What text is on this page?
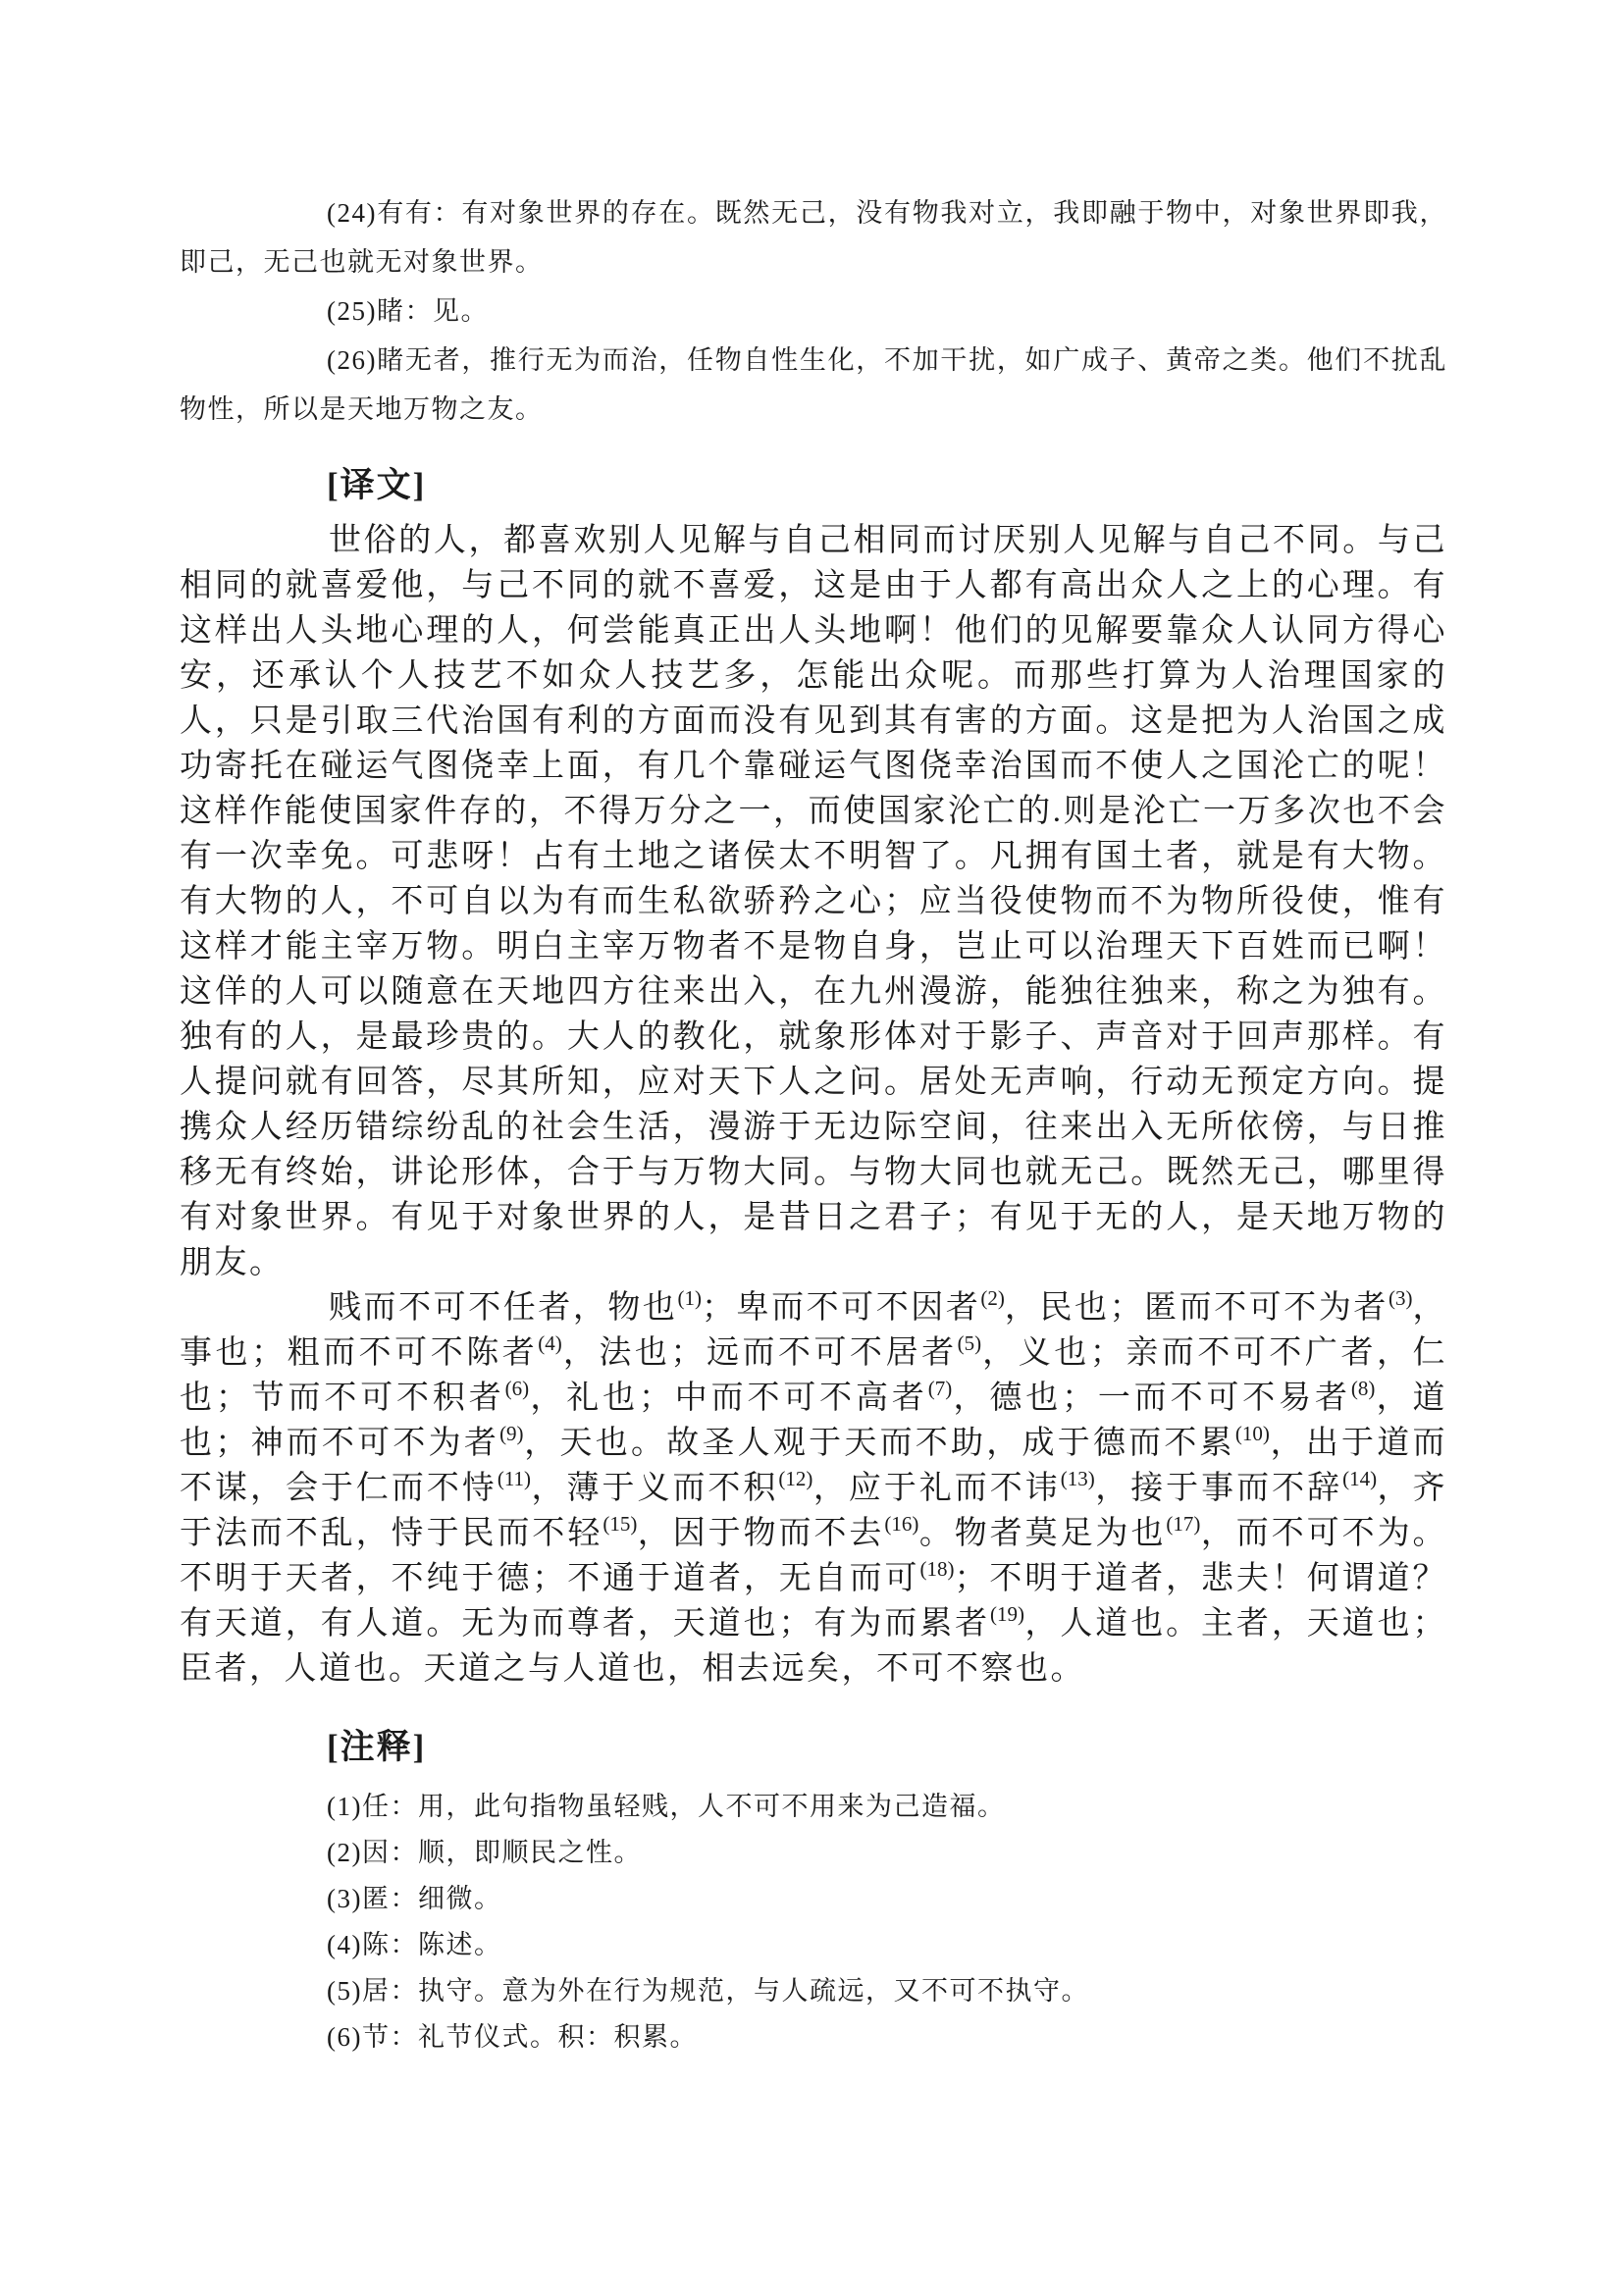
(24)有有：有对象世界的存在。既然无己，没有物我对立，我即融于物中，对象世界即我，即己，无己也就无对象世界。

(25)睹：见。

(26)睹无者，推行无为而治，任物自性生化，不加干扰，如广成子、黄帝之类。他们不扰乱物性，所以是天地万物之友。

[译文]

世俗的人，都喜欢别人见解与自己相同而讨厌别人见解与自己不同。与己相同的就喜爱他，与己不同的就不喜爱，这是由于人都有高出众人之上的心理。有这样出人头地心理的人，何尝能真正出人头地啊！他们的见解要靠众人认同方得心安，还承认个人技艺不如众人技艺多，怎能出众呢。而那些打算为人治理国家的人，只是引取三代治国有利的方面而没有见到其有害的方面。这是把为人治国之成功寄托在碰运气图侥幸上面，有几个靠碰运气图侥幸治国而不使人之国沦亡的呢！这样作能使国家件存的，不得万分之一，而使国家沦亡的.则是沦亡一万多次也不会有一次幸免。可悲呀！占有土地之诸侯太不明智了。凡拥有国土者，就是有大物。有大物的人，不可自以为有而生私欲骄矜之心；应当役使物而不为物所役使，惟有这样才能主宰万物。明白主宰万物者不是物自身，岂止可以治理天下百姓而已啊！这佯的人可以随意在天地四方往来出入，在九州漫游，能独往独来，称之为独有。独有的人，是最珍贵的。大人的教化，就象形体对于影子、声音对于回声那样。有人提问就有回答，尽其所知，应对天下人之问。居处无声响，行动无预定方向。提携众人经历错综纷乱的社会生活，漫游于无边际空间，往来出入无所依傍，与日推移无有终始，讲论形体，合于与万物大同。与物大同也就无己。既然无己，哪里得有对象世界。有见于对象世界的人，是昔日之君子；有见于无的人，是天地万物的朋友。

贱而不可不任者，物也$^{(1)}$；卑而不可不因者$^{(2)}$，民也；匿而不可不为者$^{(3)}$，事也；粗而不可不陈者$^{(4)}$，法也；远而不可不居者$^{(5)}$，义也；亲而不可不广者，仁也；节而不可不积者$^{(6)}$，礼也；中而不可不高者$^{(7)}$，德也；一而不可不易者$^{(8)}$，道也；神而不可不为者$^{(9)}$，天也。故圣人观于天而不助，成于德而不累$^{(10)}$，出于道而不谋，会于仁而不恃$^{(11)}$，薄于义而不积$^{(12)}$，应于礼而不讳$^{(13)}$，接于事而不辞$^{(14)}$，齐于法而不乱，恃于民而不轻$^{(15)}$，因于物而不去$^{(16)}$。物者莫足为也$^{(17)}$，而不可不为。不明于天者，不纯于德；不通于道者，无自而可$^{(18)}$；不明于道者，悲夫！何谓道？有天道，有人道。无为而尊者，天道也；有为而累者$^{(19)}$，人道也。主者，天道也；臣者，人道也。天道之与人道也，相去远矣，不可不察也。

[注释]

(1)任：用，此句指物虽轻贱，人不可不用来为己造福。

(2)因：顺，即顺民之性。

(3)匿：细微。

(4)陈：陈述。

(5)居：执守。意为外在行为规范，与人疏远，又不可不执守。

(6)节：礼节仪式。积：积累。
